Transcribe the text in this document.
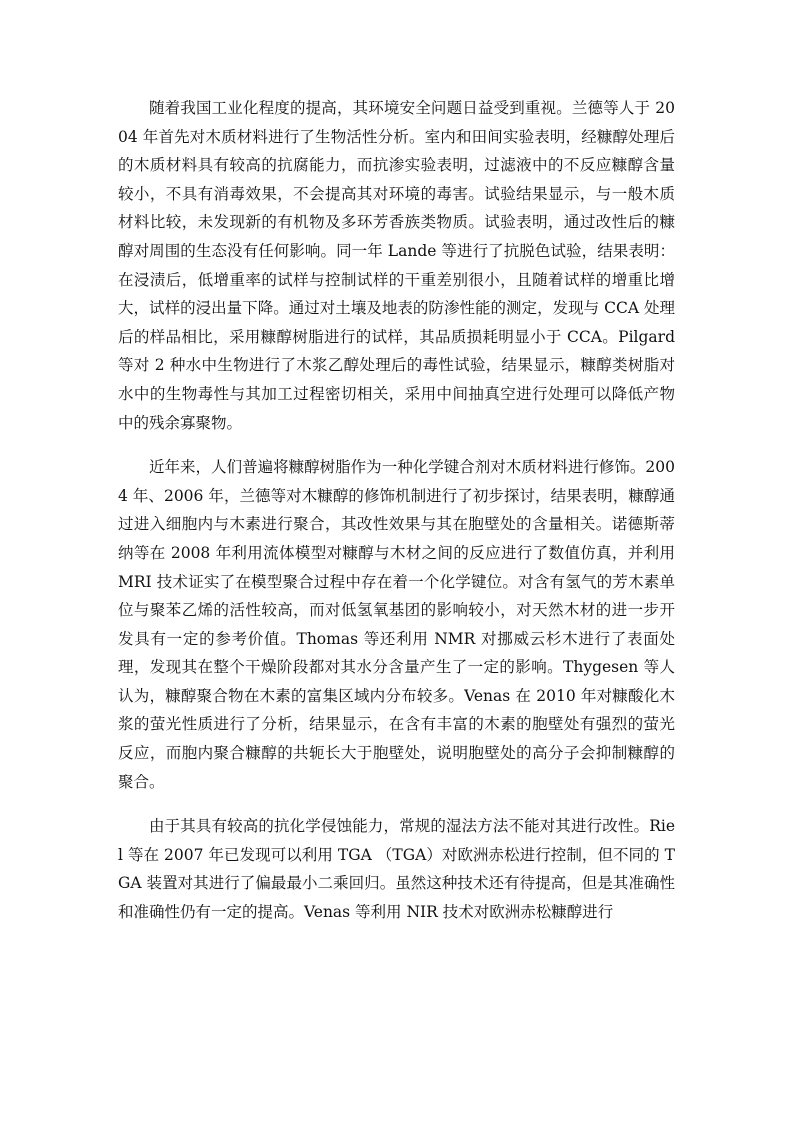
随着我国工业化程度的提高，其环境安全问题日益受到重视。兰德等人于 2004 年首先对木质材料进行了生物活性分析。室内和田间实验表明，经糠醇处理后的木质材料具有较高的抗腐能力，而抗渗实验表明，过滤液中的不反应糠醇含量较小，不具有消毒效果，不会提高其对环境的毒害。试验结果显示，与一般木质材料比较，未发现新的有机物及多环芳香族类物质。试验表明，通过改性后的糠醇对周围的生态没有任何影响。同一年 Lande 等进行了抗脱色试验，结果表明：在浸渍后，低增重率的试样与控制试样的干重差别很小，且随着试样的增重比增大，试样的浸出量下降。通过对土壤及地表的防渗性能的测定，发现与 CCA 处理后的样品相比，采用糠醇树脂进行的试样，其品质损耗明显小于 CCA。Pilgard 等对 2 种水中生物进行了木浆乙醇处理后的毒性试验，结果显示，糠醇类树脂对水中的生物毒性与其加工过程密切相关，采用中间抽真空进行处理可以降低产物中的残余寡聚物。

近年来，人们普遍将糠醇树脂作为一种化学键合剂对木质材料进行修饰。2004 年、2006 年，兰德等对木糠醇的修饰机制进行了初步探讨，结果表明，糠醇通过进入细胞内与木素进行聚合，其改性效果与其在胞壁处的含量相关。诺德斯蒂纳等在 2008 年利用流体模型对糠醇与木材之间的反应进行了数值仿真，并利用 MRI 技术证实了在模型聚合过程中存在着一个化学键位。对含有氢气的芳木素单位与聚苯乙烯的活性较高，而对低氢氧基团的影响较小，对天然木材的进一步开发具有一定的参考价值。Thomas 等还利用 NMR 对挪威云杉木进行了表面处理，发现其在整个干燥阶段都对其水分含量产生了一定的影响。Thygesen 等人认为，糠醇聚合物在木素的富集区域内分布较多。Venas 在 2010 年对糠酸化木浆的萤光性质进行了分析，结果显示，在含有丰富的木素的胞壁处有强烈的萤光反应，而胞内聚合糠醇的共轭长大于胞壁处，说明胞壁处的高分子会抑制糠醇的聚合。

由于其具有较高的抗化学侵蚀能力，常规的湿法方法不能对其进行改性。Riel 等在 2007 年已发现可以利用 TGA （TGA）对欧洲赤松进行控制，但不同的 TGA 装置对其进行了偏最最小二乘回归。虽然这种技术还有待提高，但是其准确性和准确性仍有一定的提高。Venas 等利用 NIR 技术对欧洲赤松糠醇进行
